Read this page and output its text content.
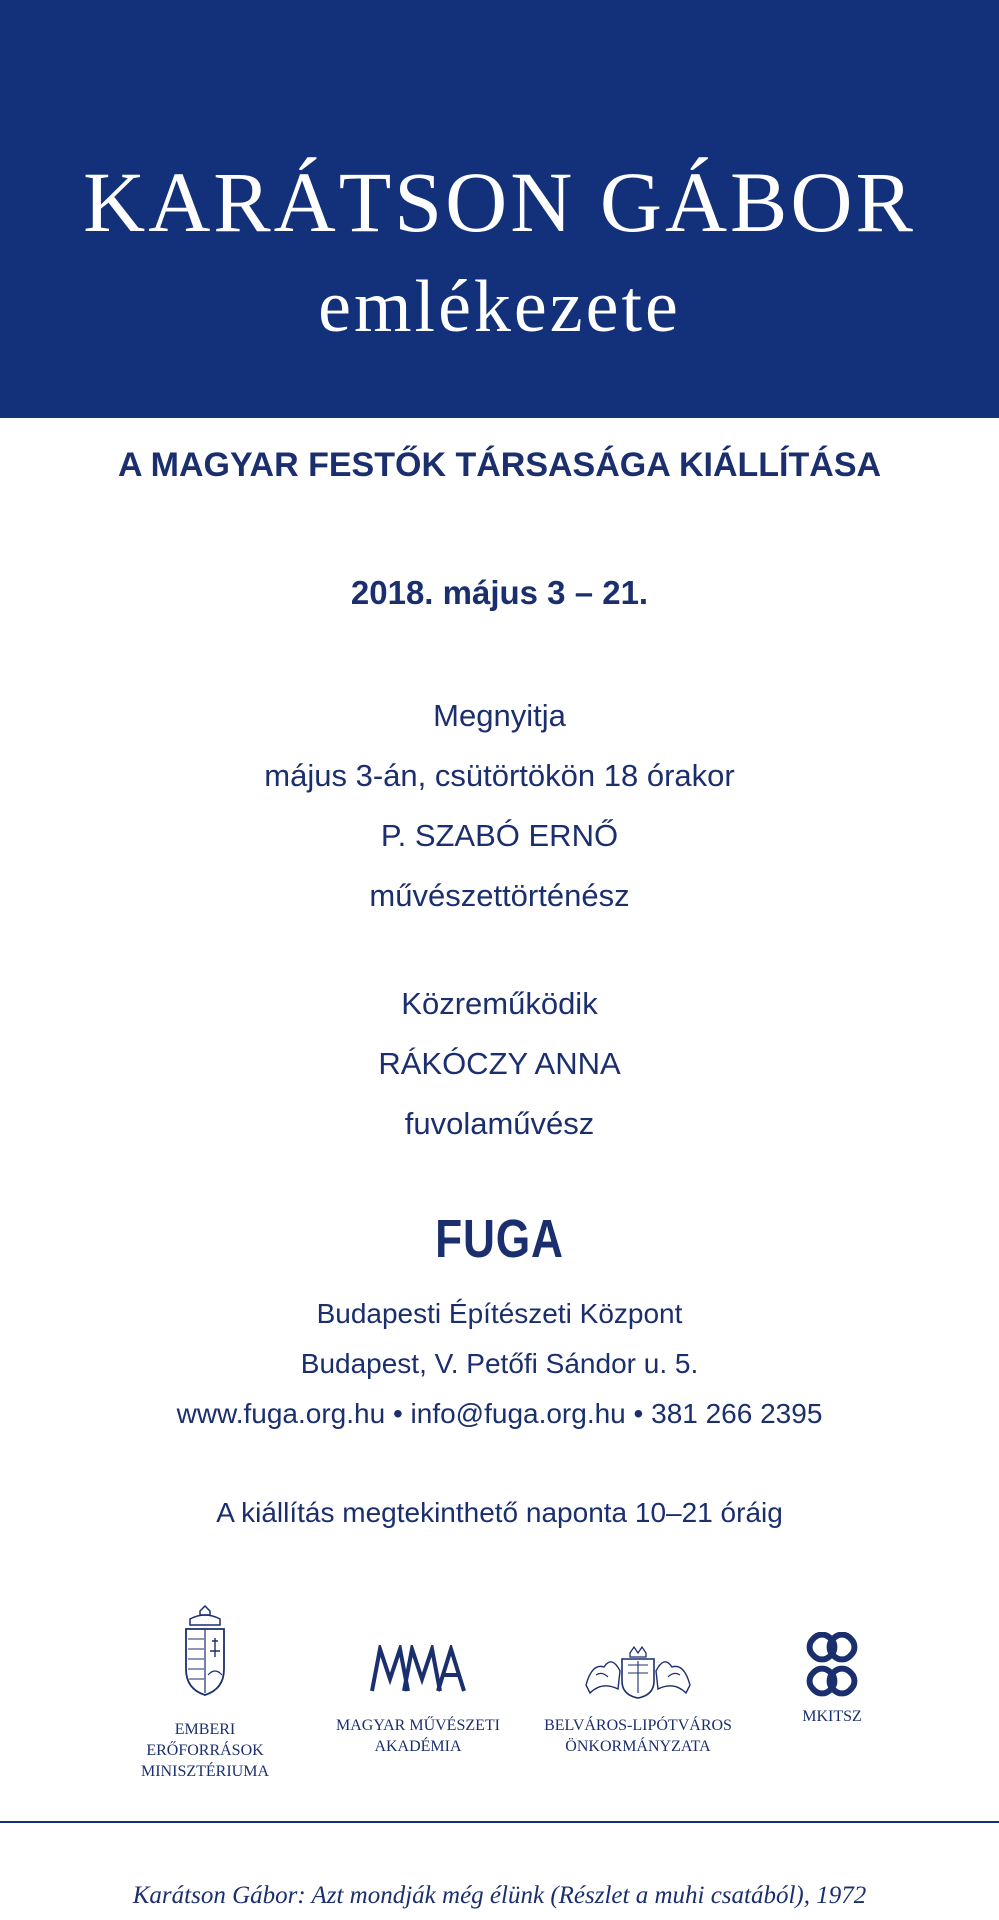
KARÁTSON GÁBOR
emlékezete
A MAGYAR FESTŐK TÁRSASÁGA KIÁLLÍTÁSA
2018. május 3 – 21.
Megnyitja
május 3-án, csütörtökön 18 órakor
P. SZABÓ ERNŐ
művészettörténész
Közreműködik
RÁKÓCZY ANNA
fuvolaművész
FUGA
Budapesti Építészeti Központ
Budapest, V. Petőfi Sándor u. 5.
www.fuga.org.hu • info@fuga.org.hu • 381 266 2395
A kiállítás megtekinthető naponta 10–21 óráig
EMBERI
ERŐFORRÁSOK
MINISZTÉRIUMA
MAGYAR MŰVÉSZETI
AKADÉMIA
BELVÁROS-LIPÓTVÁROS
ÖNKORMÁNYZATA
MKITSZ
Karátson Gábor: Azt mondják még élünk (Részlet a muhi csatából), 1972
